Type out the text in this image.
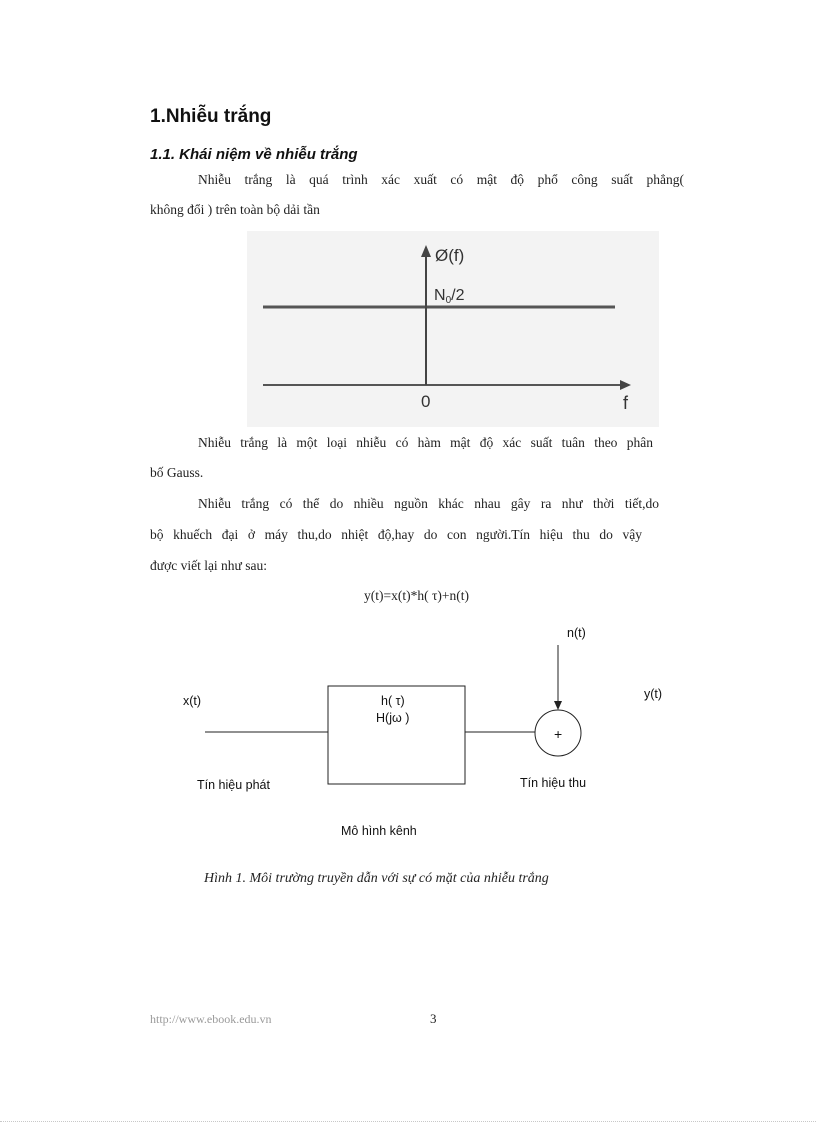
1.Nhiễu trắng
1.1. Khái niệm về nhiễu trắng
Nhiễu trắng là quá trình xác xuất có mật độ phổ công suất phẳng(
không đổi ) trên toàn bộ dải tần
Ø(f)
N0/2
0	f
Nhiễu trắng là một loại nhiễu có hàm mật độ xác suất tuân theo phân
bố Gauss.
Nhiễu trắng có thể do nhiều nguồn khác nhau gây ra như thời tiết,do
bộ khuếch đại ở máy thu,do nhiệt độ,hay do con người.Tín hiệu thu do vậy
được viết lại như sau:
y(t)=x(t)*h( τ)+n(t)
+
x(t)
n(t)
y(t)
h( τ)
H(jω )
Tín hiệu phát	Tín hiệu thu
Mô hình kênh
Hình 1. Môi trường truyền dẫn với sự có mặt của nhiễu trắng
http://www.ebook.edu.vn	3
